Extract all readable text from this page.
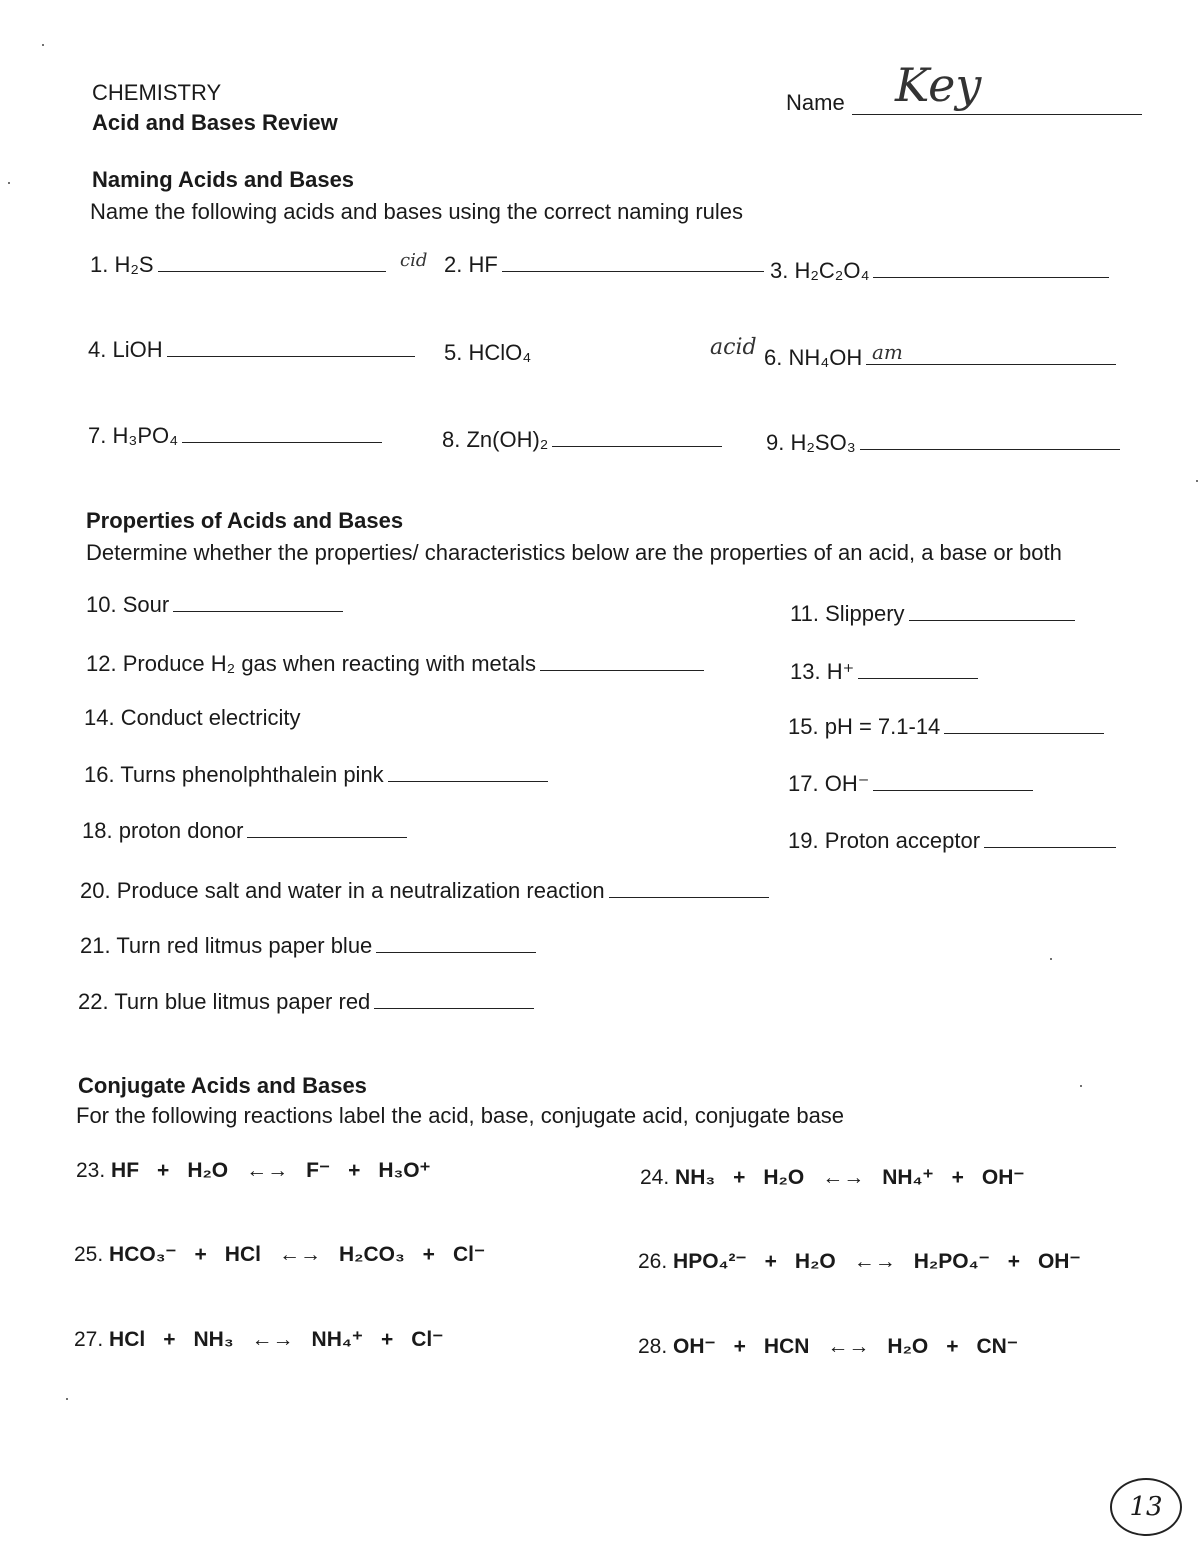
CHEMISTRY
Acid and Bases Review
Name Key
Naming Acids and Bases
Name the following acids and bases using the correct naming rules
1. H₂S	cid 2. HF	3. H₂C₂O₄
4. LiOH	5. HClO₄	acid 6. NH₄OH am
7. H₃PO₄	8. Zn(OH)₂	9. H₂SO₃
Properties of Acids and Bases
Determine whether the properties/ characteristics below are the properties of an acid, a base or both
10. Sour	11. Slippery
12. Produce H₂ gas when reacting with metals	13. H⁺
14. Conduct electricity	15. pH = 7.1-14
16. Turns phenolphthalein pink	17. OH⁻
18. proton donor	19. Proton acceptor
20. Produce salt and water in a neutralization reaction
21. Turn red litmus paper blue
22. Turn blue litmus paper red
Conjugate Acids and Bases
For the following reactions label the acid, base, conjugate acid, conjugate base
23. HF + H₂O ←→ F⁻ + H₃O⁺	24. NH₃ + H₂O ←→ NH₄⁺ + OH⁻
25. HCO₃⁻ + HCl ←→ H₂CO₃ + Cl⁻	26. HPO₄²⁻ + H₂O ←→ H₂PO₄⁻ + OH⁻
27. HCl + NH₃ ←→ NH₄⁺ + Cl⁻	28. OH⁻ + HCN ←→ H₂O + CN⁻
13
